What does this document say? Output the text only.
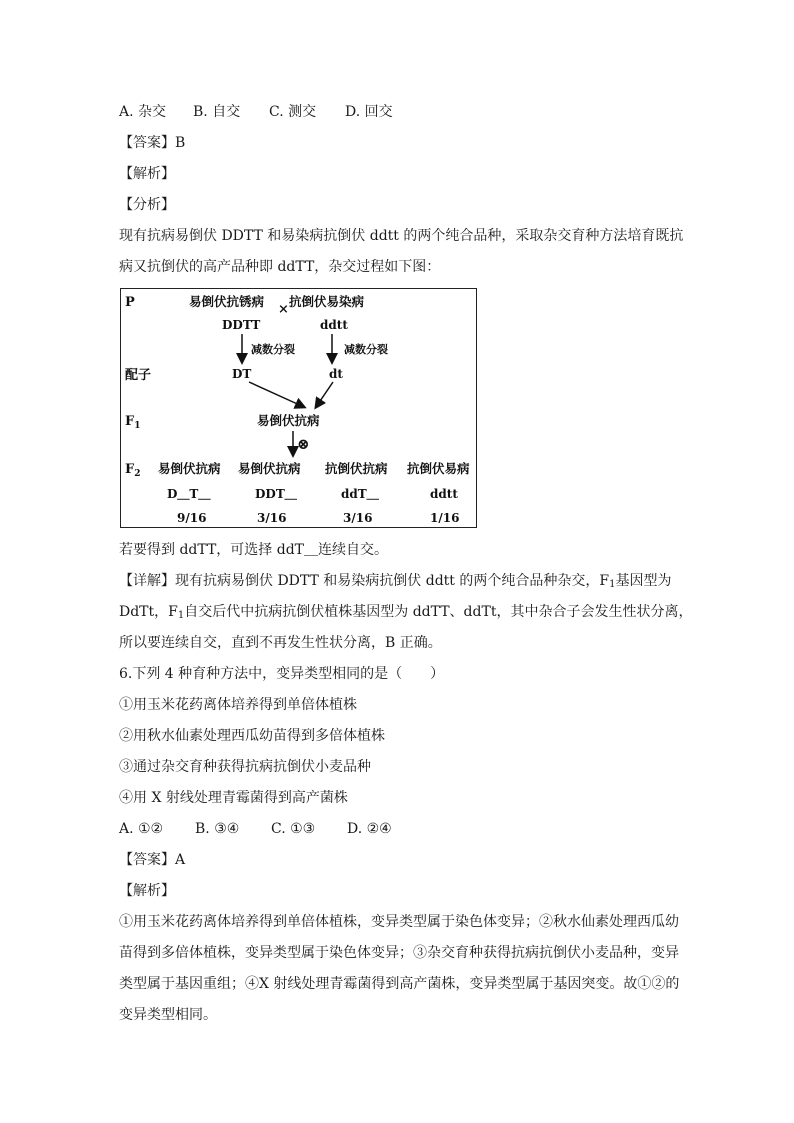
A. 杂交 B. 自交 C. 测交 D. 回交
【答案】B
【解析】
【分析】
现有抗病易倒伏 DDTT 和易染病抗倒伏 ddtt 的两个纯合品种，采取杂交育种方法培育既抗
病又抗倒伏的高产品种即 ddTT，杂交过程如下图：
P
配子
$F_1$
$F_2$
易倒伏抗锈病
×
抗倒伏易染病
DDTT	ddtt
减数分裂	减数分裂
DT	dt
易倒伏抗病
⊗
易倒伏抗病 易倒伏抗病 抗倒伏抗病 抗倒伏易病
D＿T＿	DDT＿	ddT＿	ddtt
9/16	3/16	3/16	1/16
若要得到 ddTT，可选择 ddT＿连续自交。
【详解】现有抗病易倒伏 DDTT 和易染病抗倒伏 ddtt 的两个纯合品种杂交，$F_1$基因型为
DdTt，$F_1$自交后代中抗病抗倒伏植株基因型为 ddTT、ddTt，其中杂合子会发生性状分离，
所以要连续自交，直到不再发生性状分离，B 正确。
6.下列 4 种育种方法中，变异类型相同的是（　　）
①用玉米花药离体培养得到单倍体植株
②用秋水仙素处理西瓜幼苗得到多倍体植株
③通过杂交育种获得抗病抗倒伏小麦品种
④用 X 射线处理青霉菌得到高产菌株
A. ①② B. ③④ C. ①③ D. ②④
【答案】A
【解析】
①用玉米花药离体培养得到单倍体植株，变异类型属于染色体变异；②秋水仙素处理西瓜幼
苗得到多倍体植株，变异类型属于染色体变异；③杂交育种获得抗病抗倒伏小麦品种，变异
类型属于基因重组；④X 射线处理青霉菌得到高产菌株，变异类型属于基因突变。故①②的
变异类型相同。
